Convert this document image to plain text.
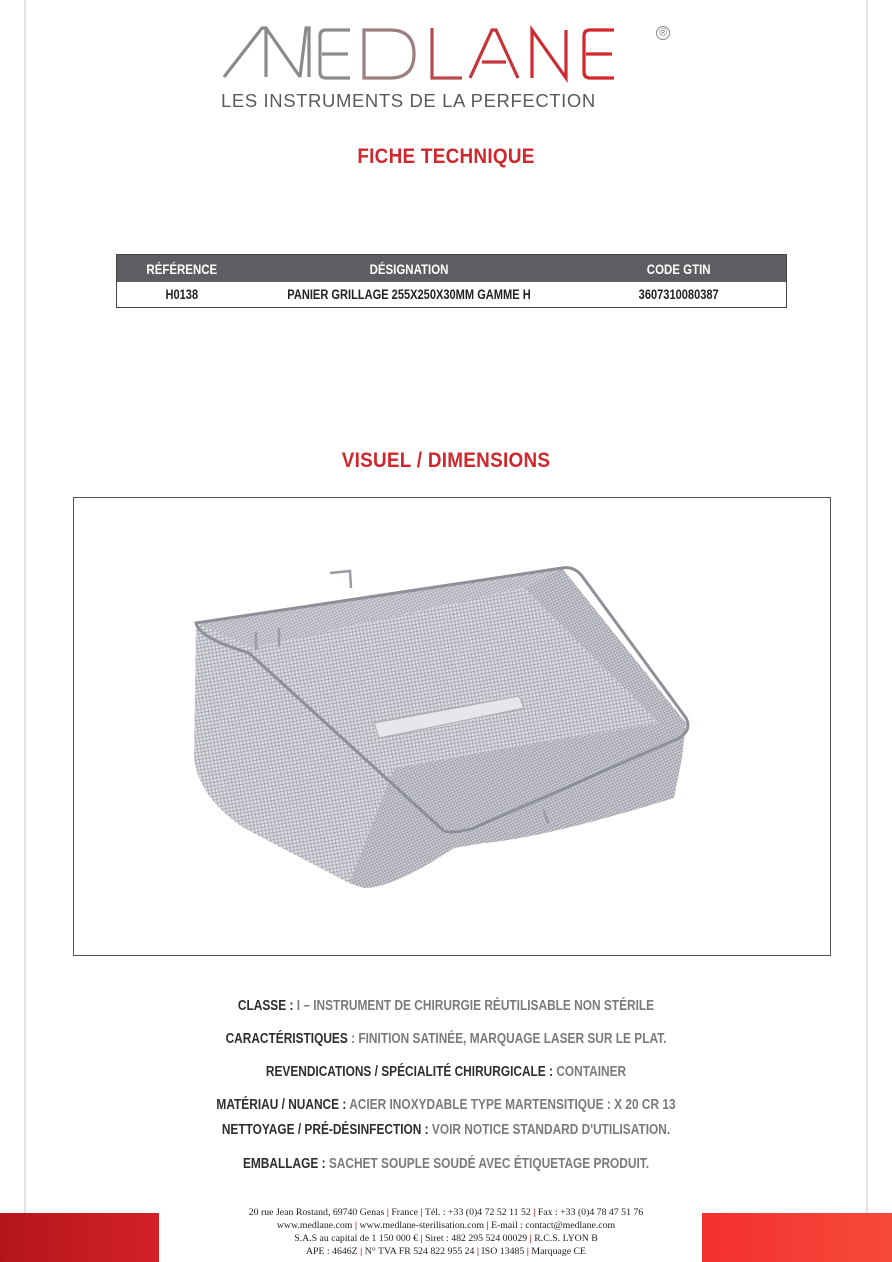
®
LES INSTRUMENTS DE LA PERFECTION
FICHE TECHNIQUE
RÉFÉRENCE	DÉSIGNATION	CODE GTIN
H0138	PANIER GRILLAGE 255X250X30MM GAMME H	3607310080387
VISUEL / DIMENSIONS
CLASSE : I – INSTRUMENT DE CHIRURGIE RÉUTILISABLE NON STÉRILE
CARACTÉRISTIQUES : FINITION SATINÉE, MARQUAGE LASER SUR LE PLAT.
REVENDICATIONS / SPÉCIALITÉ CHIRURGICALE : CONTAINER
MATÉRIAU / NUANCE : ACIER INOXYDABLE TYPE MARTENSITIQUE : X 20 CR 13
NETTOYAGE / PRÉ-DÉSINFECTION : VOIR NOTICE STANDARD D'UTILISATION.
EMBALLAGE : SACHET SOUPLE SOUDÉ AVEC ÉTIQUETAGE PRODUIT.
20 rue Jean Rostand, 69740 Genas | France | Tél. : +33 (0)4 72 52 11 52 | Fax : +33 (0)4 78 47 51 76
www.medlane.com | www.medlane-sterilisation.com | E-mail : contact@medlane.com
S.A.S au capital de 1 150 000 € | Siret : 482 295 524 00029 | R.C.S. LYON B
APE : 4646Z | N° TVA FR 524 822 955 24 | ISO 13485 | Marquage CE
